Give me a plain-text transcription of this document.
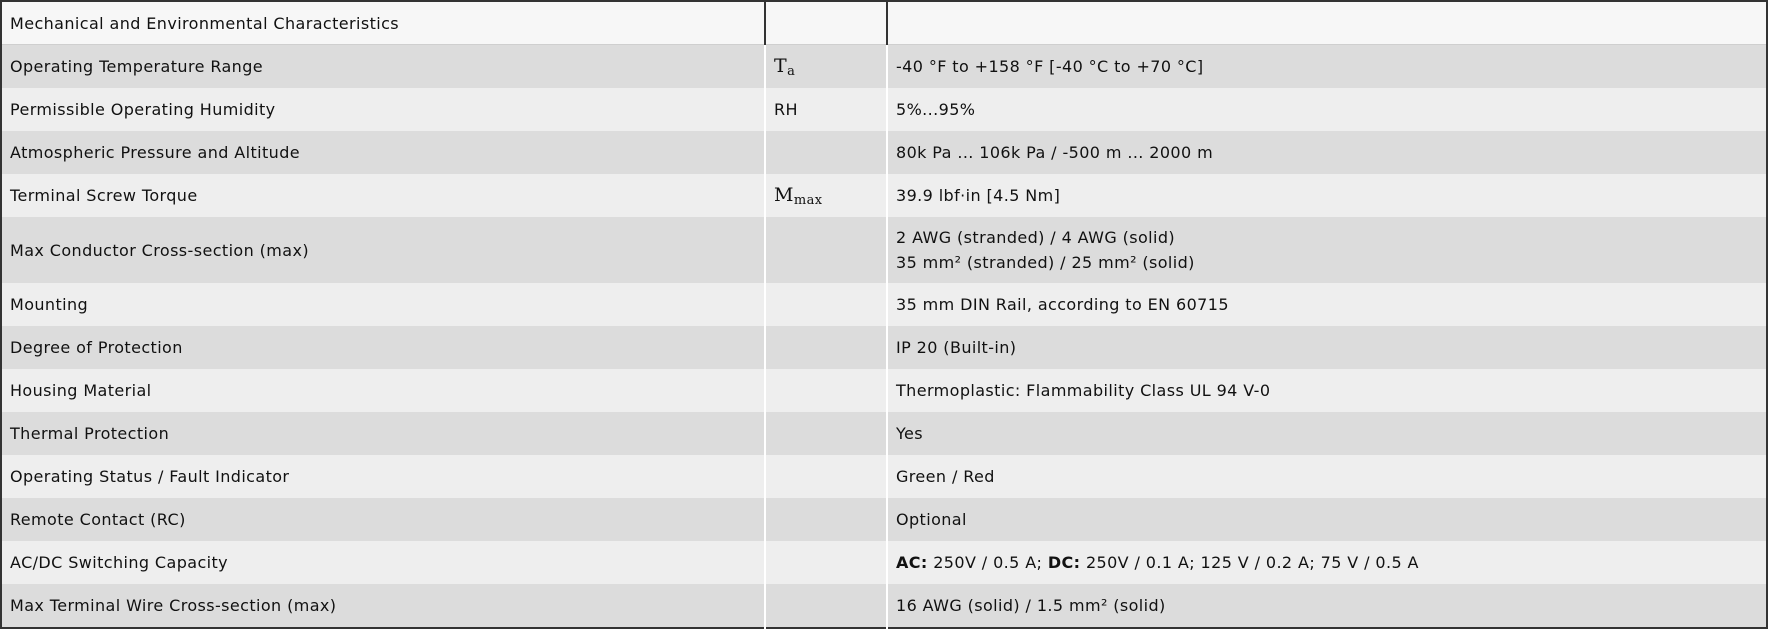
Mechanical and Environmental Characteristics		
Operating Temperature Range	$T_a$	-40 °F to +158 °F [-40 °C to +70 °C]
Permissible Operating Humidity	RH	5%...95%
Atmospheric Pressure and Altitude		80k Pa ... 106k Pa / -500 m ... 2000 m
Terminal Screw Torque	$M_{max}$	39.9 lbf·in [4.5 Nm]
Max Conductor Cross-section (max)		2 AWG (stranded) / 4 AWG (solid)
35 mm² (stranded) / 25 mm² (solid)

Mounting		35 mm DIN Rail, according to EN 60715
Degree of Protection		IP 20 (Built-in)
Housing Material		Thermoplastic: Flammability Class UL 94 V-0
Thermal Protection		Yes
Operating Status / Fault Indicator		Green / Red
Remote Contact (RC)		Optional
AC/DC Switching Capacity		AC: 250V / 0.5 A; DC: 250V / 0.1 A; 125 V / 0.2 A; 75 V / 0.5 A
Max Terminal Wire Cross-section (max)		16 AWG (solid) / 1.5 mm² (solid)
